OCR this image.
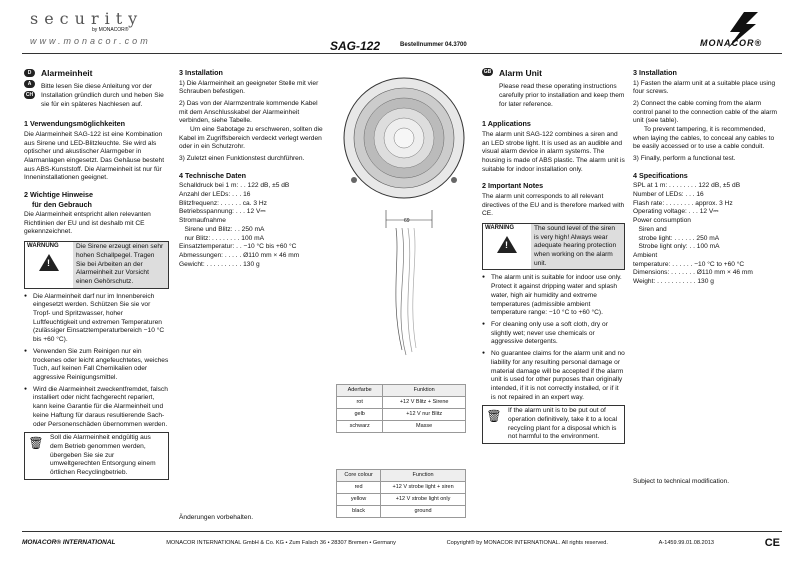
security
by MONACOR®
www.monacor.com	SAG-122	Bestellnummer 04.3700	MONACOR®
D
A
CH
Alarmeinheit

Bitte lesen Sie diese Anleitung vor der Installation gründlich durch und heben Sie sie für ein späteres Nachlesen auf.

1 Verwendungsmöglichkeiten

Die Alarmeinheit SAG-122 ist eine Kombination aus Sirene und LED-Blitzleuchte. Sie wird als optischer und akustischer Alarmgeber in Alarmanlagen eingesetzt. Das Gehäuse besteht aus ABS-Kunststoff. Die Alarmeinheit ist nur für Inneninstallationen geeignet.

2 Wichtige Hinweise
für den Gebrauch

Die Alarmeinheit entspricht allen relevanten Richtlinien der EU und ist deshalb mit CE gekennzeichnet.

WARNUNG
!	Die Sirene erzeugt einen sehr hohen Schallpegel. Tragen Sie bei Arbeiten an der Alarmeinheit zur Vorsicht einen Gehörschutz.
● Die Alarmeinheit darf nur im Innenbereich eingesetzt werden. Schützen Sie sie vor Tropf- und Spritzwasser, hoher Luftfeuchtigkeit und extremen Temperaturen (zulässiger Einsatztemperaturbereich −10 °C bis +60 °C).
● Verwenden Sie zum Reinigen nur ein trockenes oder leicht angefeuchtetes, weiches Tuch, auf keinen Fall Chemikalien oder aggressive Reinigungsmittel.
● Wird die Alarmeinheit zweckentfremdet, falsch installiert oder nicht fachgerecht repariert, kann keine Garantie für die Alarmeinheit und keine Haftung für daraus resultierende Sach- oder Personenschäden übernommen werden.
🗑 Soll die Alarmeinheit endgültig aus dem Betrieb genommen werden, übergeben Sie sie zur umweltgerechten Entsorgung einem örtlichen Recyclingbetrieb.
3 Installation

1) Die Alarmeinheit an geeigneter Stelle mit vier Schrauben befestigen.

2) Das von der Alarmzentrale kommende Kabel mit dem Anschlusskabel der Alarmeinheit verbinden, siehe Tabelle.
Um eine Sabotage zu erschweren, sollten die Kabel im Zugriffsbereich verdeckt verlegt werden oder in ein Schutzrohr.

3) Zuletzt einen Funktionstest durchführen.

4 Technische Daten
Schalldruck bei 1 m: . . 122 dB, ±5 dB
Anzahl der LEDs: . . . 16
Blitzfrequenz: . . . . . . ca. 3 Hz
Betriebsspannung: . . . 12 V⎓
Stromaufnahme
Sirene und Blitz: . . 250 mA
nur Blitz: . . . . . . . . 100 mA
Einsatztemperatur: . . −10 °C bis +60 °C
Abmessungen: . . . . . Ø110 mm × 46 mm
Gewicht: . . . . . . . . . . 130 g
Änderungen vorbehalten.
69
Aderfarbe	Funktion
rot	+12 V Blitz + Sirene
gelb	+12 V nur Blitz
schwarz	Masse
Core colour	Function
red	+12 V strobe light + siren
yellow	+12 V strobe light only
black	ground
GB Alarm Unit

Please read these operating instructions carefully prior to installation and keep them for later reference.

1 Applications

The alarm unit SAG-122 combines a siren and an LED strobe light. It is used as an audible and visual alarm device in alarm systems. The housing is made of ABS plastic. The alarm unit is suitable for indoor installation only.

2 Important Notes

The alarm unit corresponds to all relevant directives of the EU and is therefore marked with CE.

WARNING
!	The sound level of the siren is very high! Always wear adequate hearing protection when working on the alarm unit.
● The alarm unit is suitable for indoor use only. Protect it against dripping water and splash water, high air humidity and extreme temperatures (admissible ambient temperature range: −10 °C to +60 °C).
● For cleaning only use a soft cloth, dry or slightly wet; never use chemicals or aggressive detergents.
● No guarantee claims for the alarm unit and no liability for any resulting personal damage or material damage will be accepted if the alarm unit is used for other purposes than originally intended, if it is not correctly installed, or if it is not repaired in an expert way.
🗑 If the alarm unit is to be put out of operation definitively, take it to a local recycling plant for a disposal which is not harmful to the environment.
3 Installation

1) Fasten the alarm unit at a suitable place using four screws.

2) Connect the cable coming from the alarm control panel to the connection cable of the alarm unit (see table).
To prevent tampering, it is recommended, when laying the cables, to conceal any cables to be easily accessed or to use a cable conduit.

3) Finally, perform a functional test.

4 Specifications
SPL at 1 m: . . . . . . . . 122 dB, ±5 dB
Number of LEDs: . . . 16
Flash rate: . . . . . . . . approx. 3 Hz
Operating voltage: . . . 12 V⎓
Power consumption
Siren and
strobe light: . . . . . . 250 mA
Strobe light only: . . 100 mA
Ambient
temperature: . . . . . . −10 °C to +60 °C
Dimensions: . . . . . . . Ø110 mm × 46 mm
Weight: . . . . . . . . . . . 130 g
Subject to technical modification.
MONACOR® INTERNATIONAL	MONACOR INTERNATIONAL GmbH & Co. KG • Zum Falsch 36 • 28307 Bremen • Germany	Copyright® by MONACOR INTERNATIONAL. All rights reserved.	A-1459.99.01.08.2013	CE
